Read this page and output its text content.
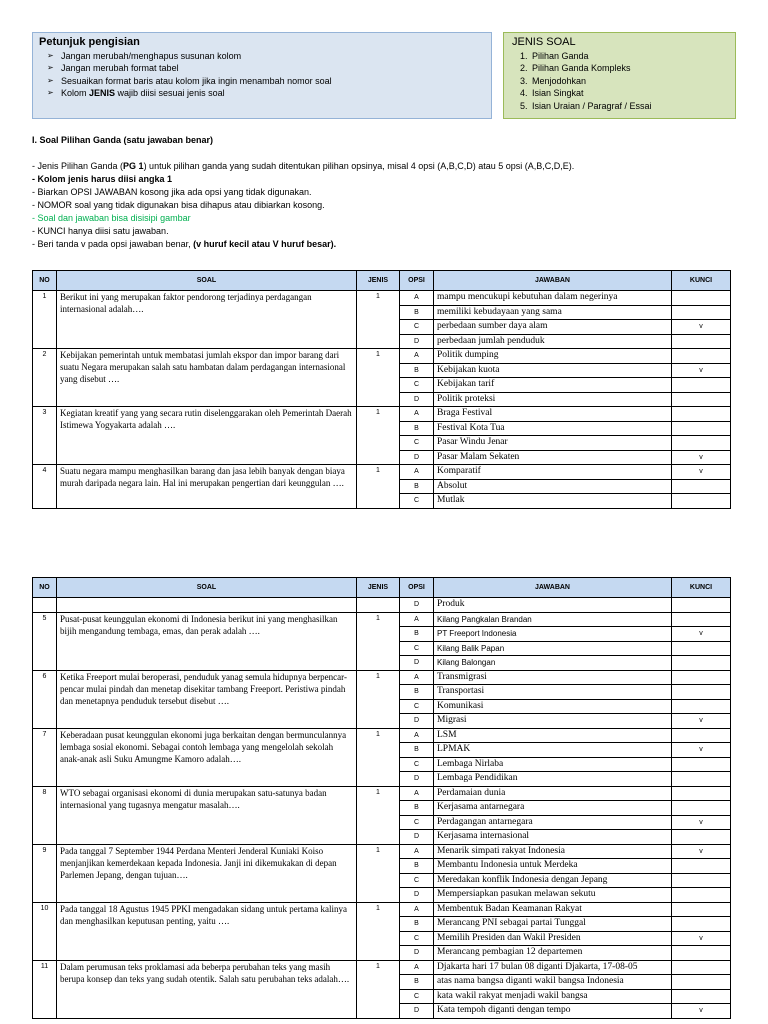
Petunjuk pengisian
➢ Jangan merubah/menghapus susunan kolom
➢ Jangan merubah format tabel
➢ Sesuaikan format baris atau kolom jika ingin menambah nomor soal
➢ Kolom JENIS wajib diisi sesuai jenis soal
JENIS SOAL
1. Pilihan Ganda
2. Pilihan Ganda Kompleks
3. Menjodohkan
4. Isian Singkat
5. Isian Uraian / Paragraf / Essai
I. Soal Pilihan Ganda (satu jawaban benar)

- Jenis Pilihan Ganda (PG 1) untuk pilihan ganda yang sudah ditentukan pilihan opsinya, misal 4 opsi (A,B,C,D) atau 5 opsi (A,B,C,D,E).

- Kolom jenis harus diisi angka 1

- Biarkan OPSI JAWABAN kosong jika ada opsi yang tidak digunakan.

- NOMOR soal yang tidak digunakan bisa dihapus atau dibiarkan kosong.

- Soal dan jawaban bisa disisipi gambar

- KUNCI hanya diisi satu jawaban.

- Beri tanda v pada opsi jawaban benar, (v huruf kecil atau V huruf besar).

NO	SOAL	JENIS	OPSI	JAWABAN	KUNCI
1	Berikut ini yang merupakan faktor pendorong terjadinya perdagangan internasional adalah….	1	A	mampu mencukupi kebutuhan dalam negerinya	
			B	memiliki kebudayaan yang sama	
			C	perbedaan sumber daya alam	v
			D	perbedaan jumlah penduduk	
2	Kebijakan pemerintah untuk membatasi jumlah ekspor dan impor barang dari suatu Negara merupakan salah satu hambatan dalam perdagangan internasional yang disebut ….	1	A	Politik dumping	
			B	Kebijakan kuota	v
			C	Kebijakan tarif	
			D	Politik proteksi	
3	Kegiatan kreatif yang yang secara rutin diselenggarakan oleh Pemerintah Daerah Istimewa Yogyakarta adalah ….	1	A	Braga Festival	
			B	Festival Kota Tua	
			C	Pasar Windu Jenar	
			D	Pasar Malam Sekaten	v
4	Suatu negara mampu menghasilkan barang dan jasa lebih banyak dengan biaya murah daripada negara lain. Hal ini merupakan pengertian dari keunggulan ….	1	A	Komparatif	v
			B	Absolut	
			C	Mutlak	
NO	SOAL	JENIS	OPSI	JAWABAN	KUNCI
			D	Produk	
5	Pusat-pusat keunggulan ekonomi di Indonesia berikut ini yang menghasilkan bijih mengandung tembaga, emas, dan perak adalah ….	1	A	Kilang Pangkalan Brandan	
			B	PT Freeport Indonesia	v
			C	Kilang Balik Papan	
			D	Kilang Balongan	
6	Ketika Freeport mulai beroperasi, penduduk yanag semula hidupnya berpencar-pencar mulai pindah dan menetap disekitar tambang Freeport. Peristiwa pindah dan menetapnya penduduk tersebut disebut ….	1	A	Transmigrasi	
			B	Transportasi	
			C	Komunikasi	
			D	Migrasi	v
7	Keberadaan pusat keunggulan ekonomi juga berkaitan dengan bermunculannya lembaga sosial ekonomi. Sebagai contoh lembaga yang mengelolah sekolah anak-anak asli Suku Amungme Kamoro adalah….	1	A	LSM	
			B	LPMAK	v
			C	Lembaga Nirlaba	
			D	Lembaga Pendidikan	
8	WTO sebagai organisasi ekonomi di dunia merupakan satu-satunya badan internasional yang tugasnya mengatur masalah….	1	A	Perdamaian dunia	
			B	Kerjasama antarnegara	
			C	Perdagangan antarnegara	v
			D	Kerjasama internasional	
9	Pada tanggal 7 September 1944 Perdana Menteri Jenderal Kuniaki Koiso menjanjikan kemerdekaan kepada Indonesia. Janji ini dikemukakan di depan Parlemen Jepang, dengan tujuan….	1	A	Menarik simpati rakyat Indonesia	v
			B	Membantu Indonesia untuk Merdeka	
			C	Meredakan konflik Indonesia dengan Jepang	
			D	Mempersiapkan pasukan melawan sekutu	
10	Pada tanggal 18 Agustus 1945 PPKI mengadakan sidang untuk pertama kalinya dan menghasilkan keputusan penting, yaitu ….	1	A	Membentuk Badan Keamanan Rakyat	
			B	Merancang PNI sebagai partai Tunggal	
			C	Memilih Presiden dan Wakil Presiden	v
			D	Merancang pembagian 12 departemen	
11	Dalam perumusan teks proklamasi ada beberpa perubahan teks yang masih berupa konsep dan teks yang sudah otentik. Salah satu perubahan teks adalah….	1	A	Djakarta hari 17 bulan 08 diganti Djakarta, 17-08-05	
			B	atas nama bangsa diganti wakil bangsa Indonesia	
			C	kata wakil rakyat menjadi wakil bangsa	
			D	Kata tempoh diganti dengan tempo	v
